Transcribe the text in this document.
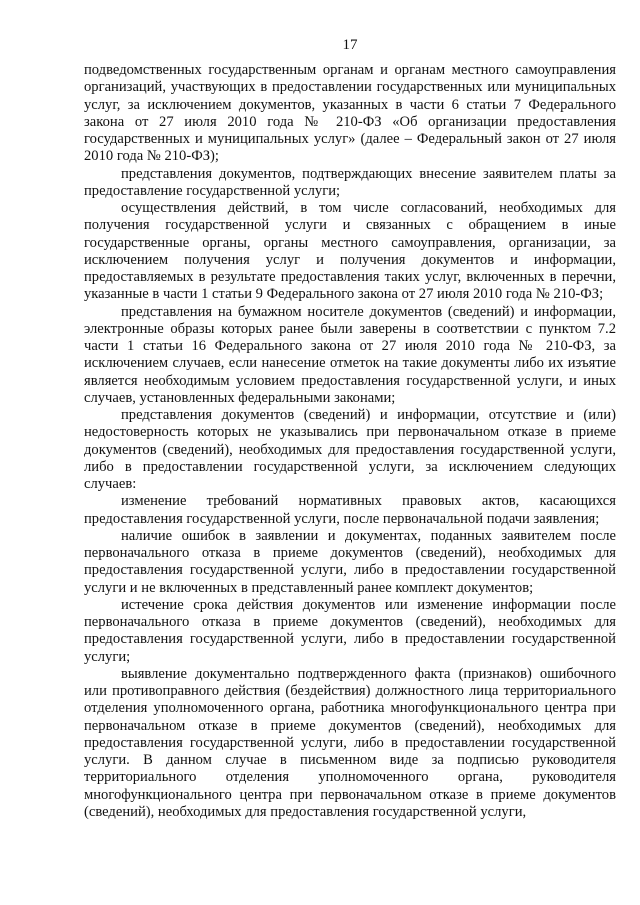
17

подведомственных государственным органам и органам местного самоуправления организаций, участвующих в предоставлении государственных или муниципальных услуг, за исключением документов, указанных в части 6 статьи 7 Федерального закона от 27 июля 2010 года № 210-ФЗ «Об организации предоставления государственных и муниципальных услуг» (далее – Федеральный закон от 27 июля 2010 года № 210-ФЗ);

представления документов, подтверждающих внесение заявителем платы за предоставление государственной услуги;

осуществления действий, в том числе согласований, необходимых для получения государственной услуги и связанных с обращением в иные государственные органы, органы местного самоуправления, организации, за исключением получения услуг и получения документов и информации, предоставляемых в результате предоставления таких услуг, включенных в перечни, указанные в части 1 статьи 9 Федерального закона от 27 июля 2010 года № 210-ФЗ;

представления на бумажном носителе документов (сведений) и информации, электронные образы которых ранее были заверены в соответствии с пунктом 7.2 части 1 статьи 16 Федерального закона от 27 июля 2010 года № 210-ФЗ, за исключением случаев, если нанесение отметок на такие документы либо их изъятие является необходимым условием предоставления государственной услуги, и иных случаев, установленных федеральными законами;

представления документов (сведений) и информации, отсутствие и (или) недостоверность которых не указывались при первоначальном отказе в приеме документов (сведений), необходимых для предоставления государственной услуги, либо в предоставлении государственной услуги, за исключением следующих случаев:

изменение требований нормативных правовых актов, касающихся предоставления государственной услуги, после первоначальной подачи заявления;

наличие ошибок в заявлении и документах, поданных заявителем после первоначального отказа в приеме документов (сведений), необходимых для предоставления государственной услуги, либо в предоставлении государственной услуги и не включенных в представленный ранее комплект документов;

истечение срока действия документов или изменение информации после первоначального отказа в приеме документов (сведений), необходимых для предоставления государственной услуги, либо в предоставлении государственной услуги;

выявление документально подтвержденного факта (признаков) ошибочного или противоправного действия (бездействия) должностного лица территориального отделения уполномоченного органа, работника многофункционального центра при первоначальном отказе в приеме документов (сведений), необходимых для предоставления государственной услуги, либо в предоставлении государственной услуги. В данном случае в письменном виде за подписью руководителя территориального отделения уполномоченного органа, руководителя многофункционального центра при первоначальном отказе в приеме документов (сведений), необходимых для предоставления государственной услуги,
